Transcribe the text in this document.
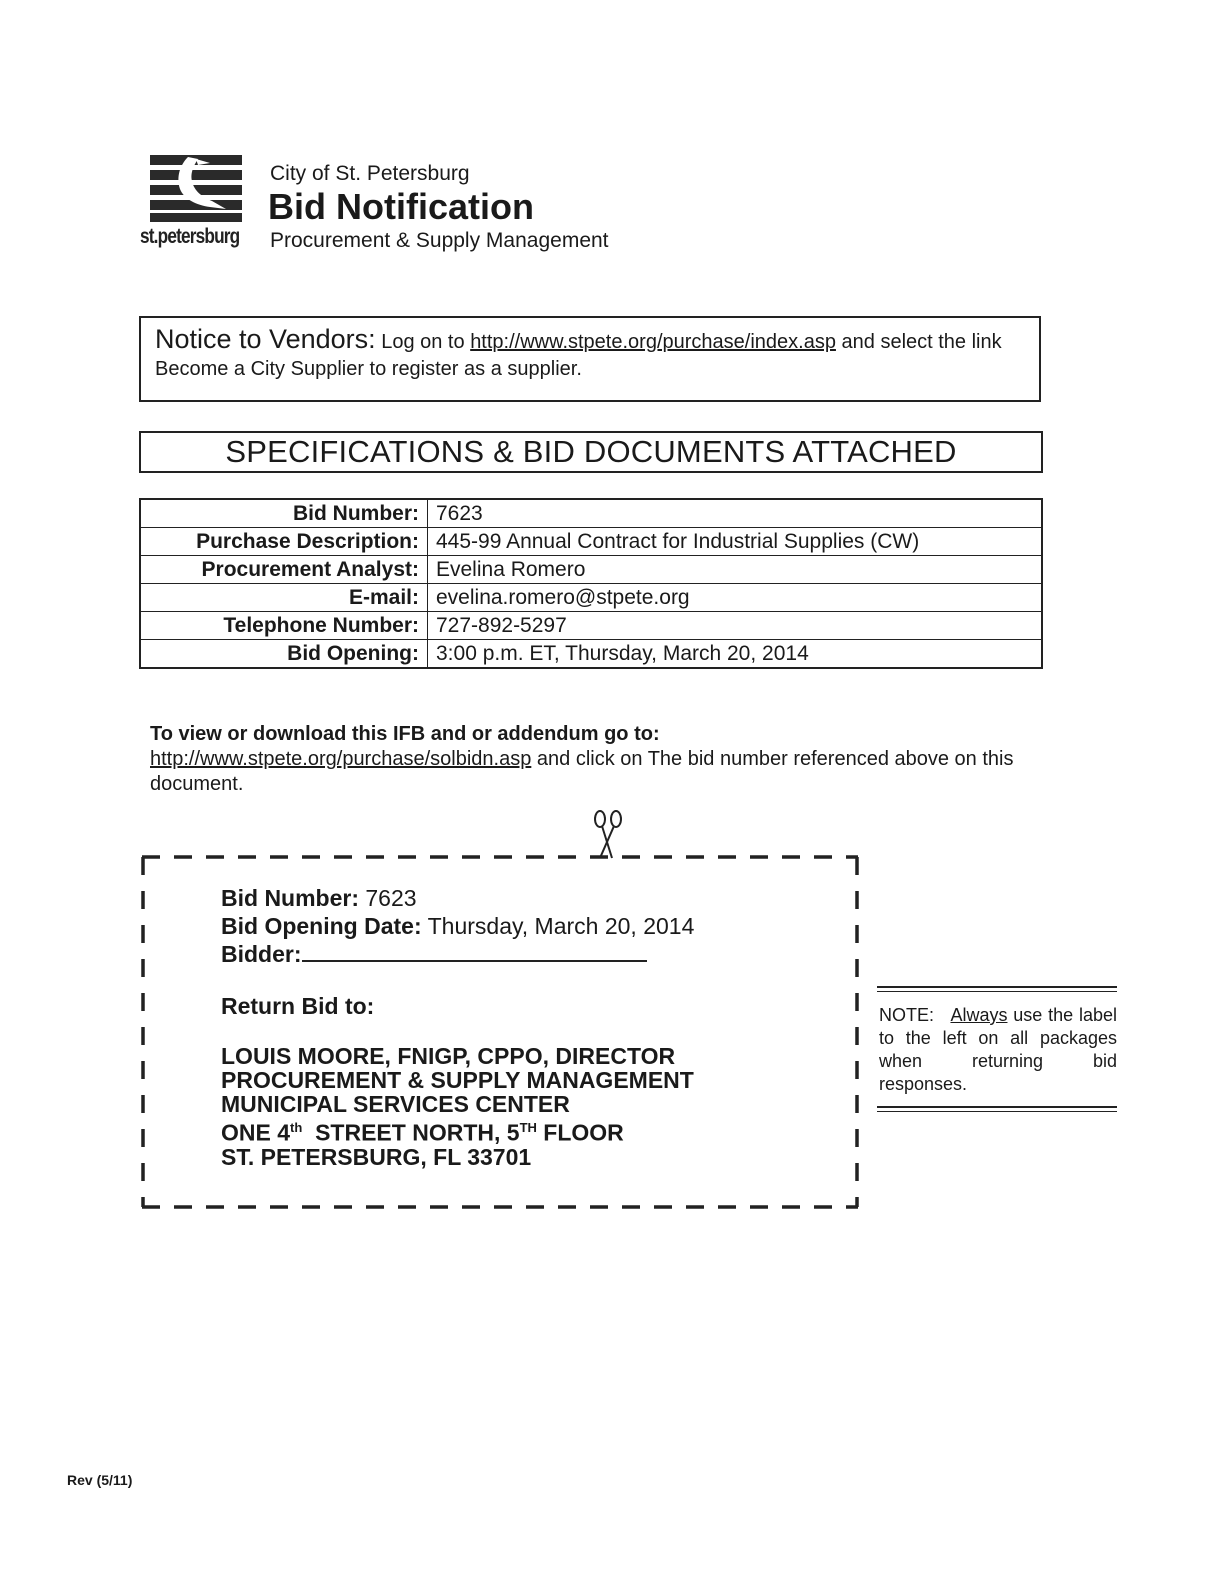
st.petersburg
City of St. Petersburg
Bid Notification
Procurement & Supply Management
Notice to Vendors: Log on to http://www.stpete.org/purchase/index.asp and select the link Become a City Supplier to register as a supplier.
SPECIFICATIONS & BID DOCUMENTS ATTACHED
Bid Number:	7623
Purchase Description:	445-99 Annual Contract for Industrial Supplies (CW)
Procurement Analyst:	Evelina Romero
E-mail:	evelina.romero@stpete.org
Telephone Number:	727-892-5297
Bid Opening:	3:00 p.m. ET, Thursday, March 20, 2014
To view or download this IFB and or addendum go to:
http://www.stpete.org/purchase/solbidn.asp and click on The bid number referenced above on this document.
Bid Number: 7623
Bid Opening Date: Thursday, March 20, 2014
Bidder:
Return Bid to:
LOUIS MOORE, FNIGP, CPPO, DIRECTOR
PROCUREMENT & SUPPLY MANAGEMENT
MUNICIPAL SERVICES CENTER
ONE 4th STREET NORTH, 5TH FLOOR
ST. PETERSBURG, FL 33701
NOTE: Always use the label to the left on all packages when returning bid responses.
Rev (5/11)
